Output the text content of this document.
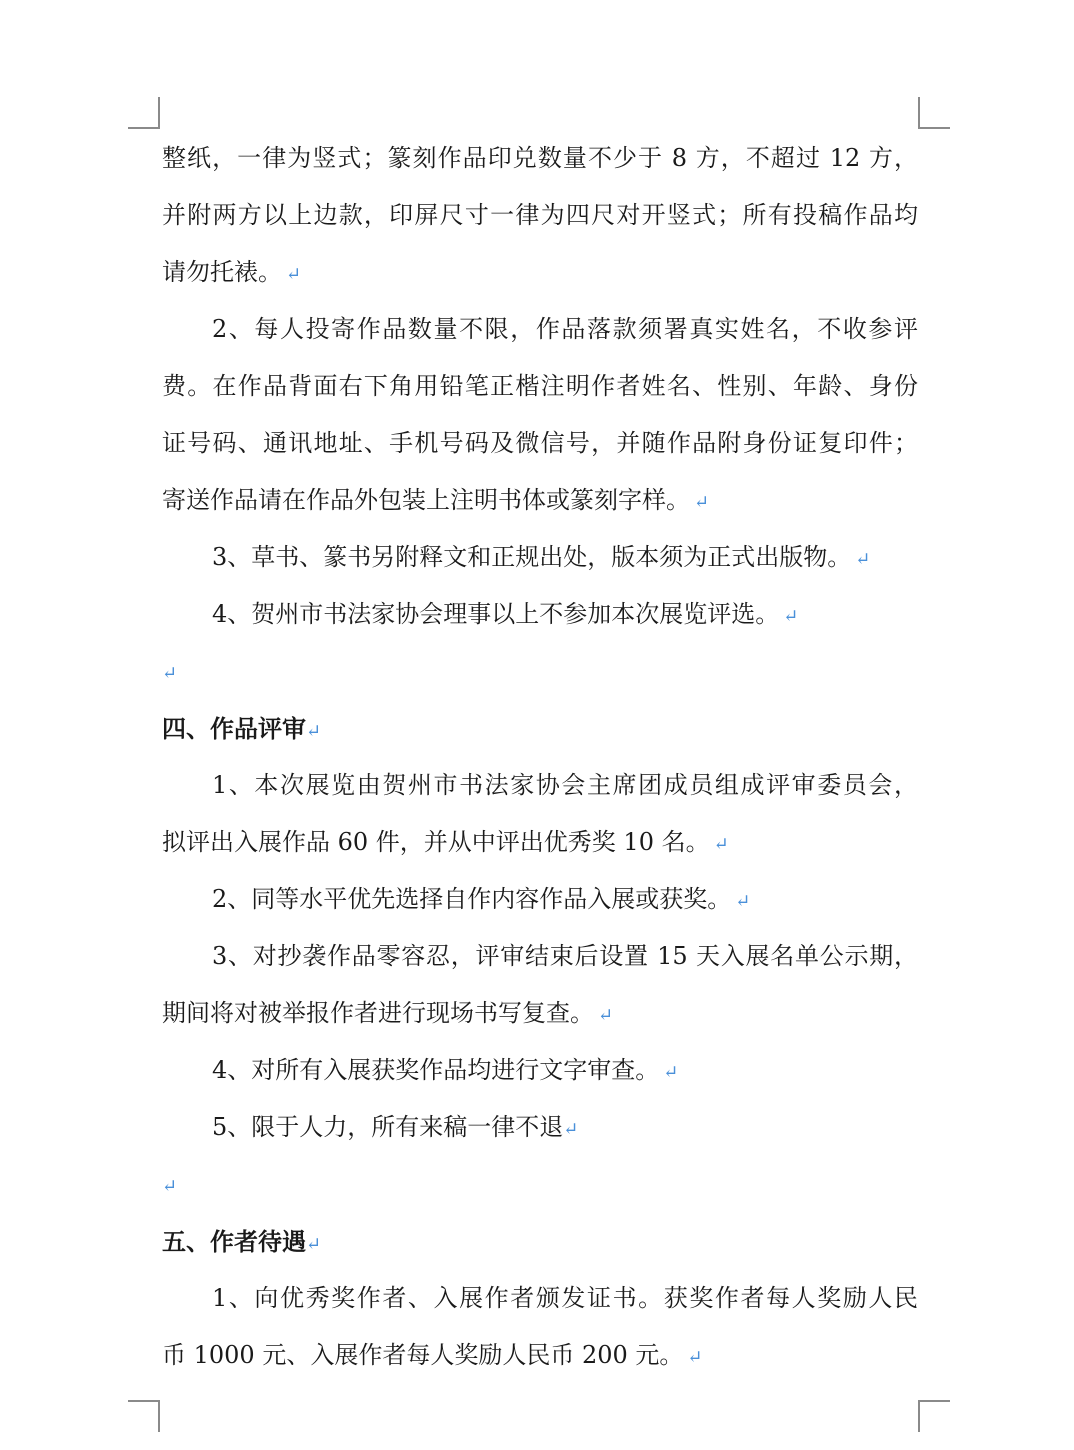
整纸，一律为竖式；篆刻作品印兑数量不少于 8 方，不超过 12 方，
并附两方以上边款，印屏尺寸一律为四尺对开竖式；所有投稿作品均
请勿托裱。 ↵
2、每人投寄作品数量不限，作品落款须署真实姓名，不收参评
费。在作品背面右下角用铅笔正楷注明作者姓名、性别、年龄、身份
证号码、通讯地址、手机号码及微信号，并随作品附身份证复印件；
寄送作品请在作品外包装上注明书体或篆刻字样。 ↵
3、草书、篆书另附释文和正规出处，版本须为正式出版物。 ↵
4、贺州市书法家协会理事以上不参加本次展览评选。 ↵
↵
四、作品评审↵
1、本次展览由贺州市书法家协会主席团成员组成评审委员会，
拟评出入展作品 60 件，并从中评出优秀奖 10 名。 ↵
2、同等水平优先选择自作内容作品入展或获奖。 ↵
3、对抄袭作品零容忍，评审结束后设置 15 天入展名单公示期，
期间将对被举报作者进行现场书写复查。 ↵
4、对所有入展获奖作品均进行文字审查。 ↵
5、限于人力，所有来稿一律不退↵
↵
五、作者待遇↵
1、向优秀奖作者、入展作者颁发证书。获奖作者每人奖励人民
币 1000 元、入展作者每人奖励人民币 200 元。 ↵
